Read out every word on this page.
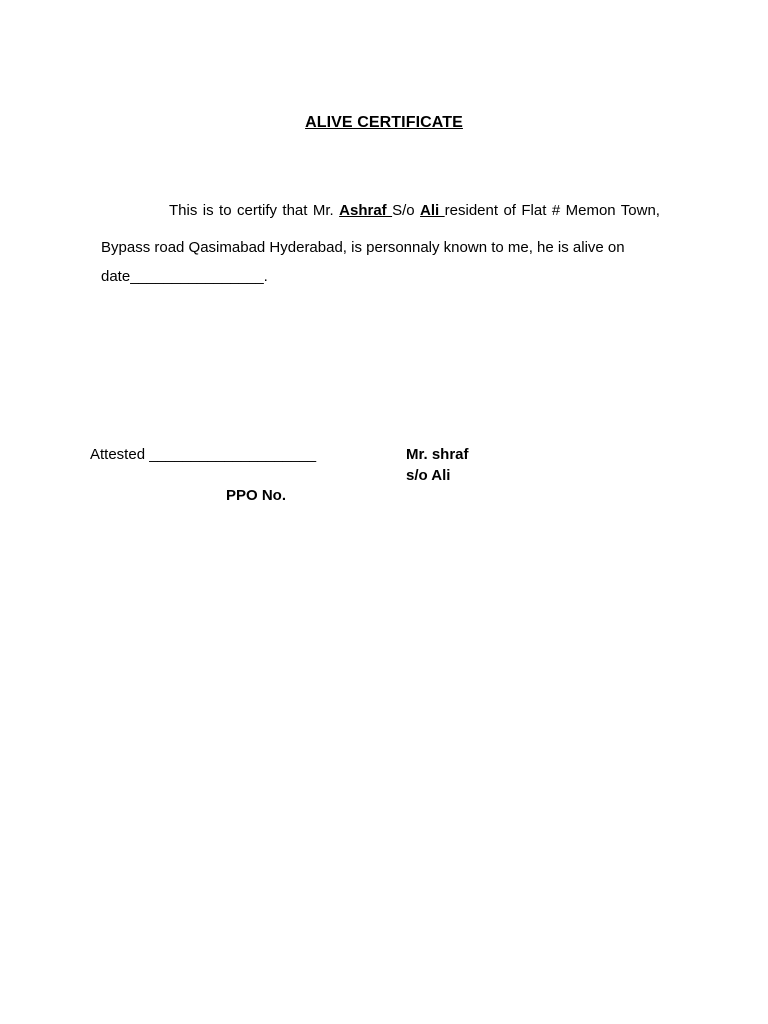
ALIVE CERTIFICATE
This is to certify that Mr. Ashraf S/o Ali resident of Flat # Memon Town, Bypass road Qasimabad Hyderabad, is personnaly known to me, he is alive on
date________________.
Attested ____________________	Mr. shraf
s/o Ali
PPO No.
